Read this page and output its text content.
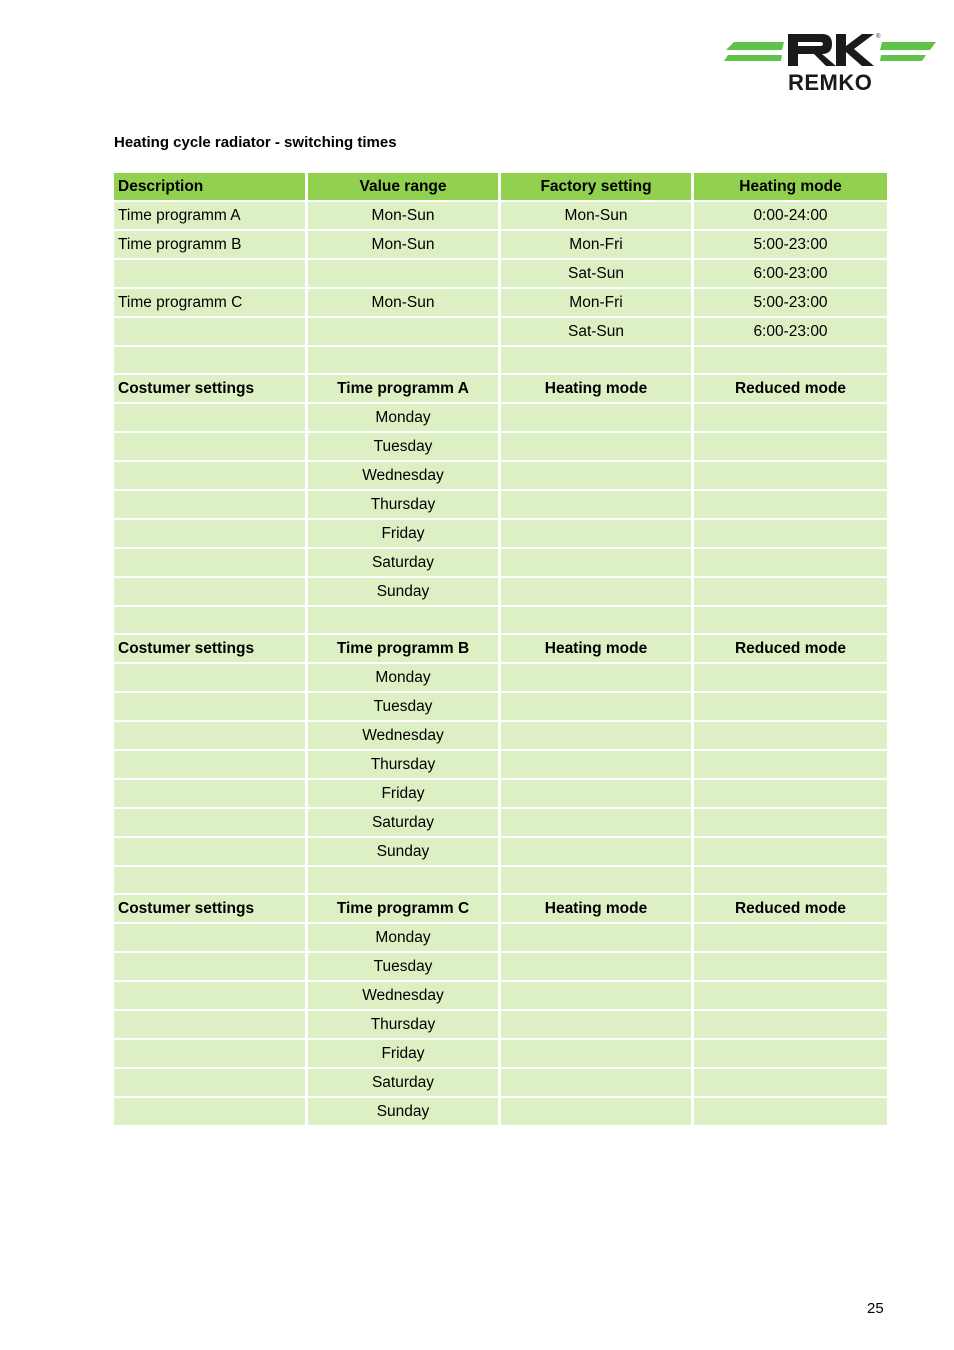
REMKO
®
Heating cycle radiator - switching times
Description	Value range	Factory setting	Heating mode
Time programm A	Mon-Sun	Mon-Sun	0:00-24:00
Time programm B	Mon-Sun	Mon-Fri	5:00-23:00
		Sat-Sun	6:00-23:00
Time programm C	Mon-Sun	Mon-Fri	5:00-23:00
		Sat-Sun	6:00-23:00

Costumer settings	Time programm A	Heating mode	Reduced mode
	Monday		
	Tuesday		
	Wednesday		
	Thursday		
	Friday		
	Saturday		
	Sunday		

Costumer settings	Time programm B	Heating mode	Reduced mode
	Monday		
	Tuesday		
	Wednesday		
	Thursday		
	Friday		
	Saturday		
	Sunday		

Costumer settings	Time programm C	Heating mode	Reduced mode
	Monday		
	Tuesday		
	Wednesday		
	Thursday		
	Friday		
	Saturday		
	Sunday		
25
